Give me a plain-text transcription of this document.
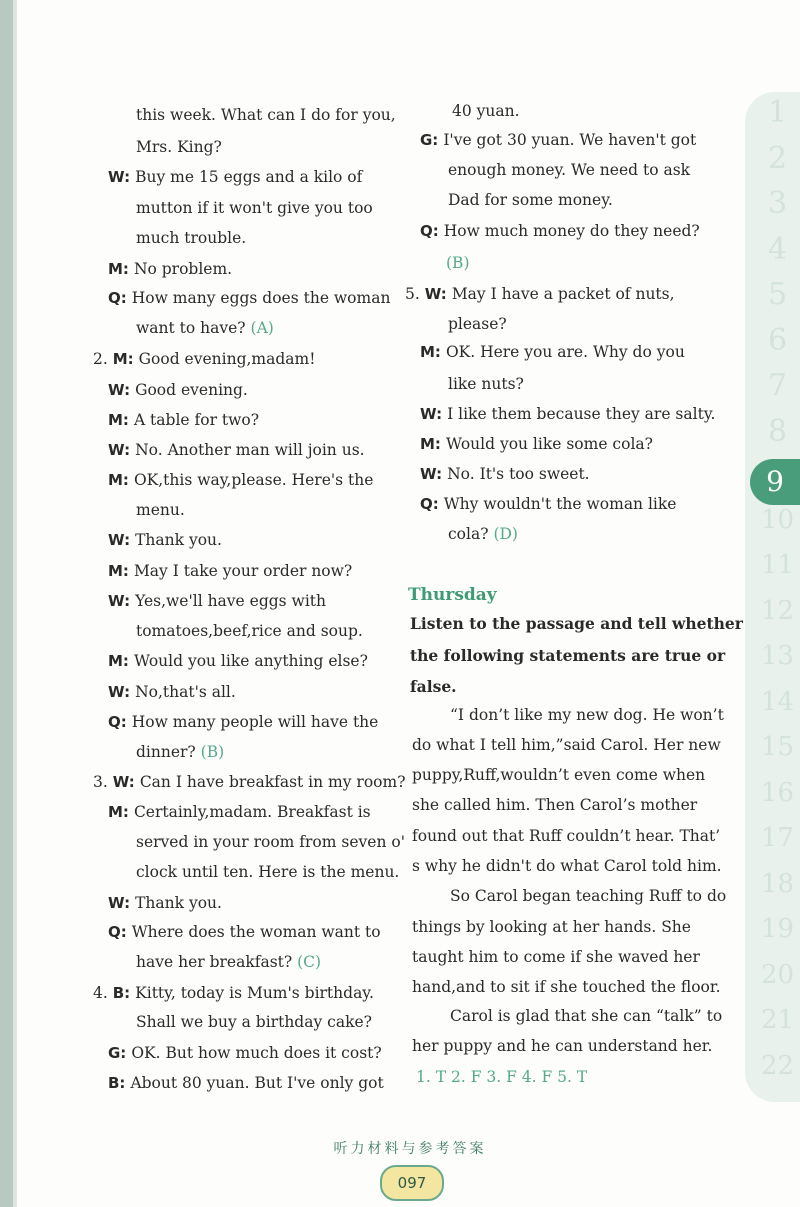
this week. What can I do for you,
Mrs. King?
W: Buy me 15 eggs and a kilo of
mutton if it won't give you too
much trouble.
M: No problem.
Q: How many eggs does the woman
want to have? (A)
2. M: Good evening,madam!
W: Good evening.
M: A table for two?
W: No. Another man will join us.
M: OK,this way,please. Here's the
menu.
W: Thank you.
M: May I take your order now?
W: Yes,we'll have eggs with
tomatoes,beef,rice and soup.
M: Would you like anything else?
W: No,that's all.
Q: How many people will have the
dinner? (B)
3. W: Can I have breakfast in my room?
M: Certainly,madam. Breakfast is
served in your room from seven o'
clock until ten. Here is the menu.
W: Thank you.
Q: Where does the woman want to
have her breakfast? (C)
4. B: Kitty, today is Mum's birthday.
Shall we buy a birthday cake?
G: OK. But how much does it cost?
B: About 80 yuan. But I've only got
40 yuan.
G: I've got 30 yuan. We haven't got
enough money. We need to ask
Dad for some money.
Q: How much money do they need?
(B)
5. W: May I have a packet of nuts,
please?
M: OK. Here you are. Why do you
like nuts?
W: I like them because they are salty.
M: Would you like some cola?
W: No. It's too sweet.
Q: Why wouldn't the woman like
cola? (D)
Thursday
Listen to the passage and tell whether
the following statements are true or
false.
“I don’t like my new dog. He won’t
do what I tell him,”said Carol. Her new
puppy,Ruff,wouldn’t even come when
she called him. Then Carol’s mother
found out that Ruff couldn’t hear. That’
s why he didn't do what Carol told him.
So Carol began teaching Ruff to do
things by looking at her hands. She
taught him to come if she waved her
hand,and to sit if she touched the floor.
Carol is glad that she can “talk” to
her puppy and he can understand her.
1. T 2. F 3. F 4. F 5. T
1
2
3
4
5
6
7
8
9
10
11
12
13
14
15
16
17
18
19
20
21
22
听力材料与参考答案
097
